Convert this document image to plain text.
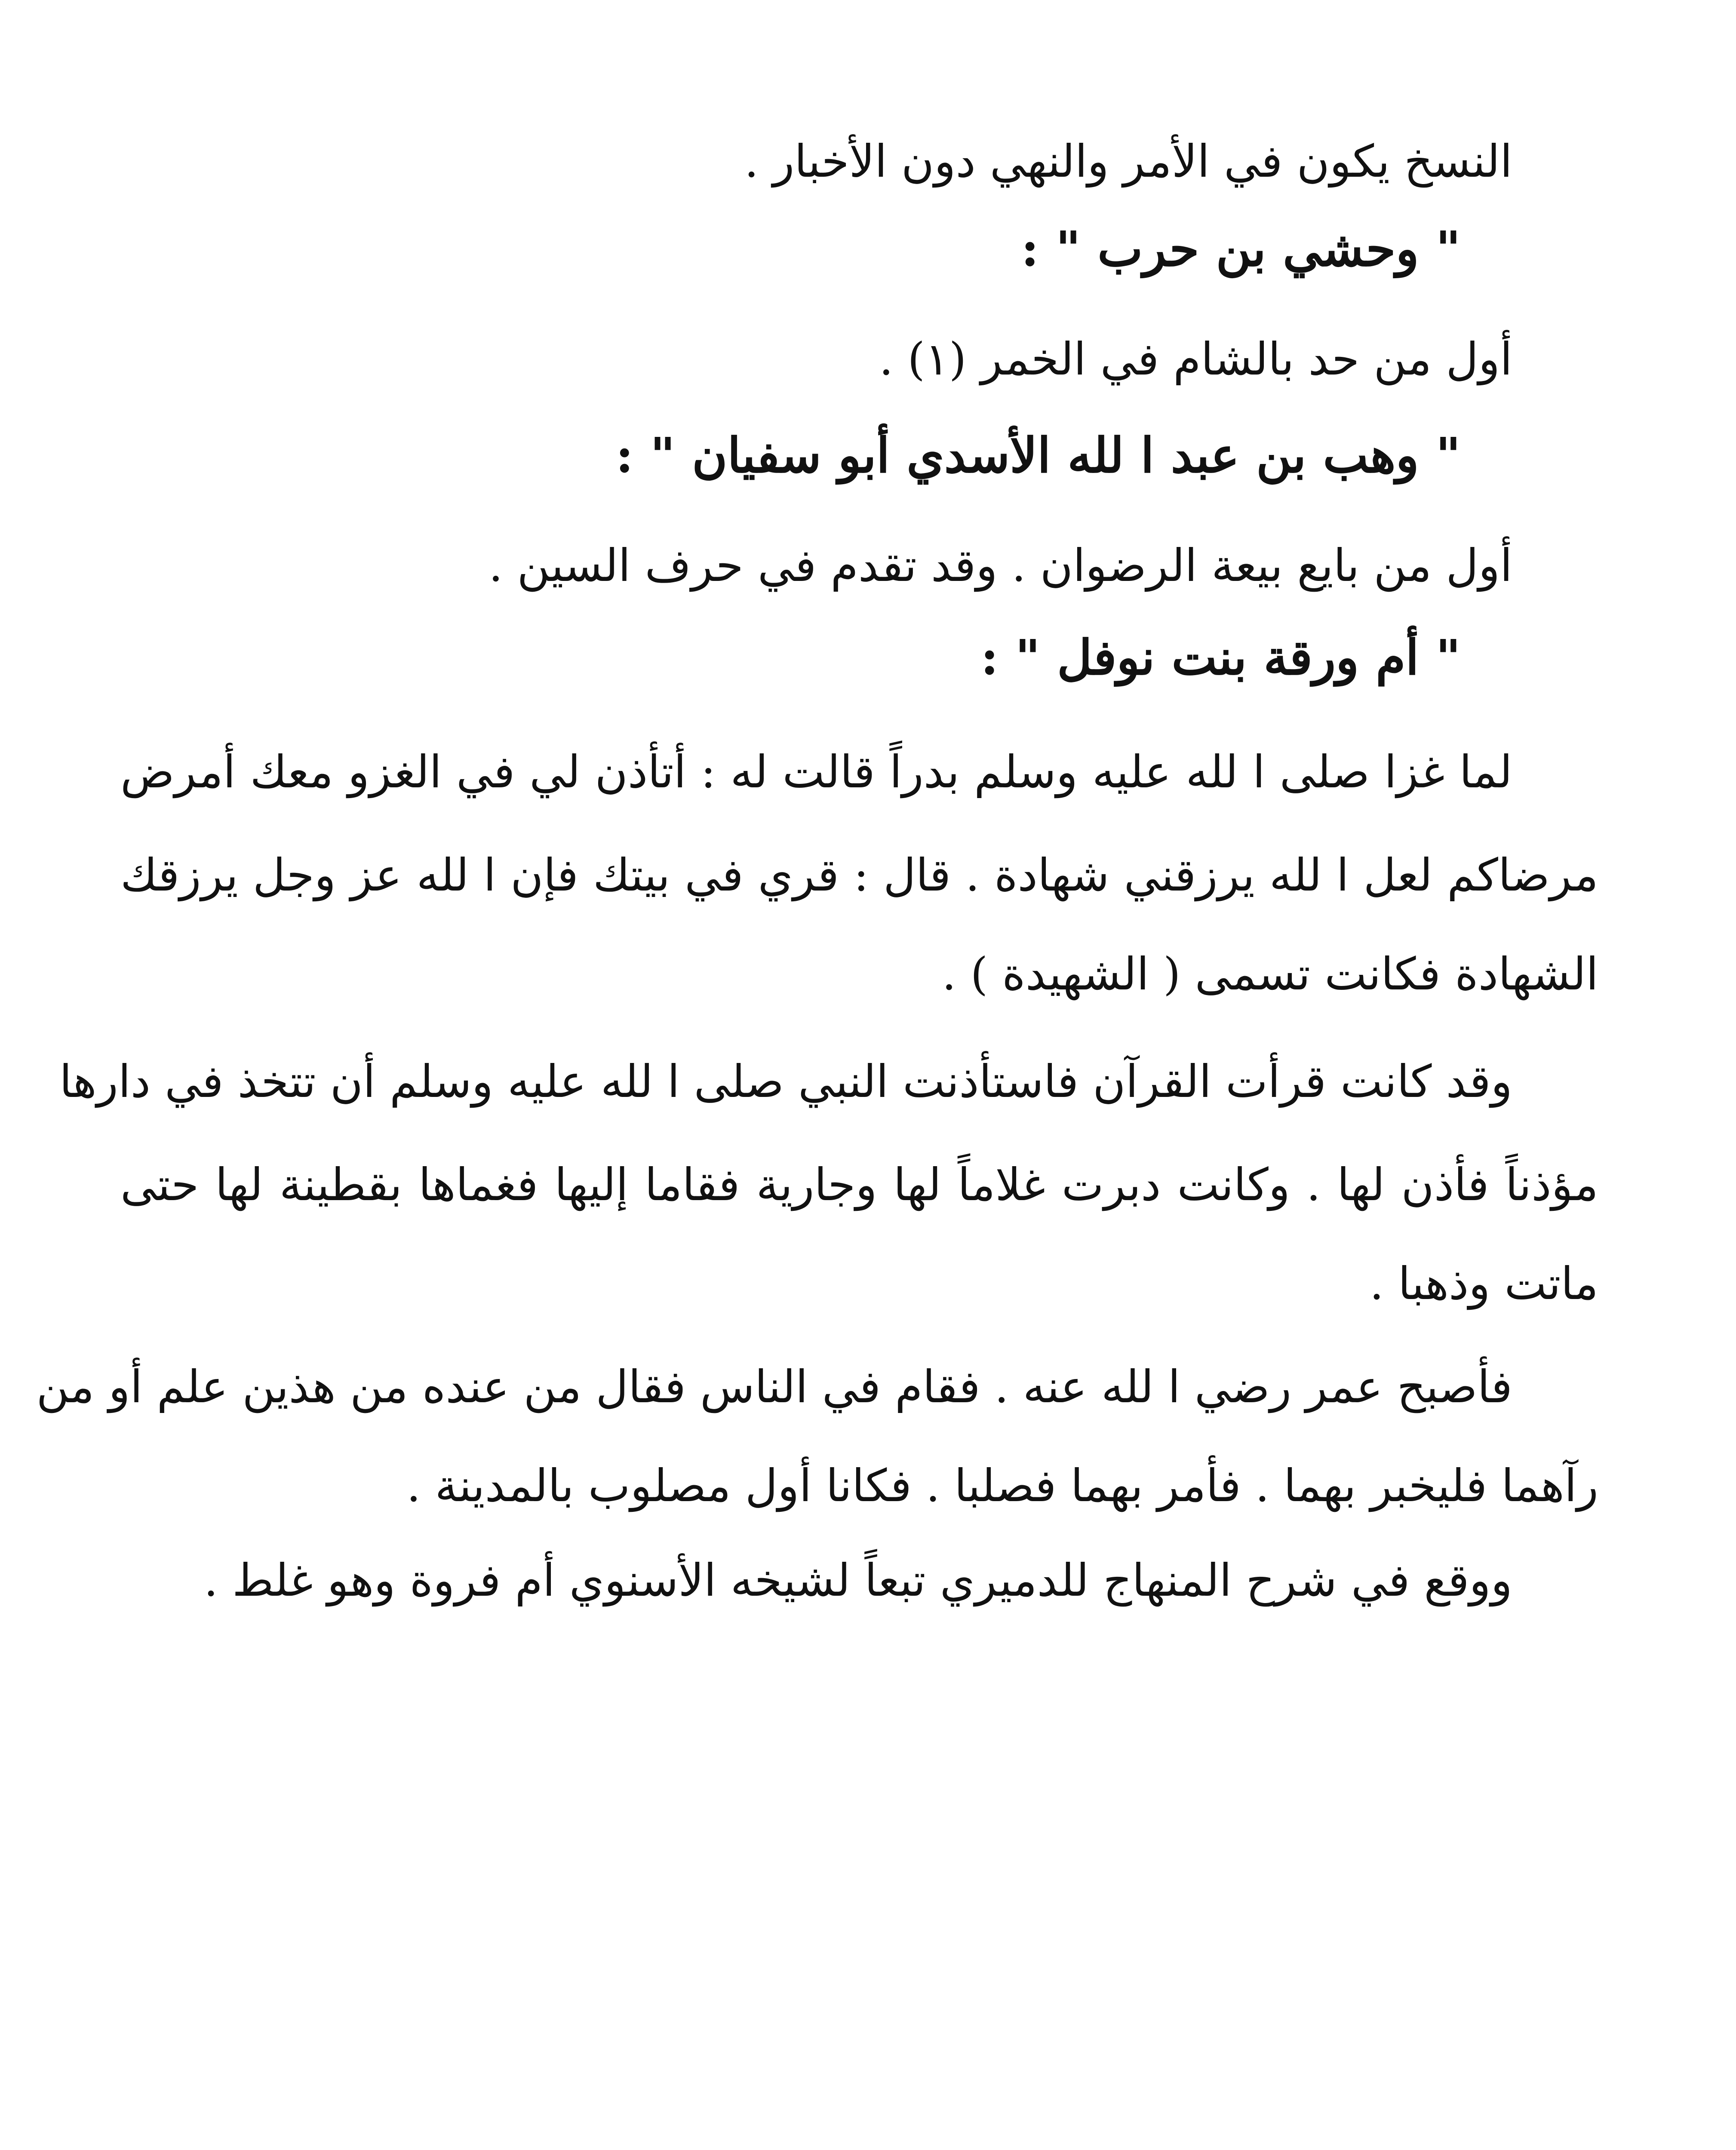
النسخ يكون في الأمر والنهي دون الأخبار .

" وحشي بن حرب " :

أول من حد بالشام في الخمر (١) .

" وهب بن عبد ا لله الأسدي أبو سفيان " :

أول من بايع بيعة الرضوان . وقد تقدم في حرف السين .

" أم ورقة بنت نوفل " :

لما غزا صلى ا لله عليه وسلم بدراً قالت له : أتأذن لي في الغزو معك أمرض

مرضاكم لعل ا لله يرزقني شهادة . قال : قري في بيتك فإن ا لله عز وجل يرزقك

الشهادة فكانت تسمى ( الشهيدة ) .

وقد كانت قرأت القرآن فاستأذنت النبي صلى ا لله عليه وسلم أن تتخذ في دارها

مؤذناً فأذن لها . وكانت دبرت غلاماً لها وجارية فقاما إليها فغماها بقطينة لها حتى

ماتت وذهبا .

فأصبح عمر رضي ا لله عنه . فقام في الناس فقال من عنده من هذين علم أو من

رآهما فليخبر بهما . فأمر بهما فصلبا . فكانا أول مصلوب بالمدينة .

ووقع في شرح المنهاج للدميري تبعاً لشيخه الأسنوي أم فروة وهو غلط .
